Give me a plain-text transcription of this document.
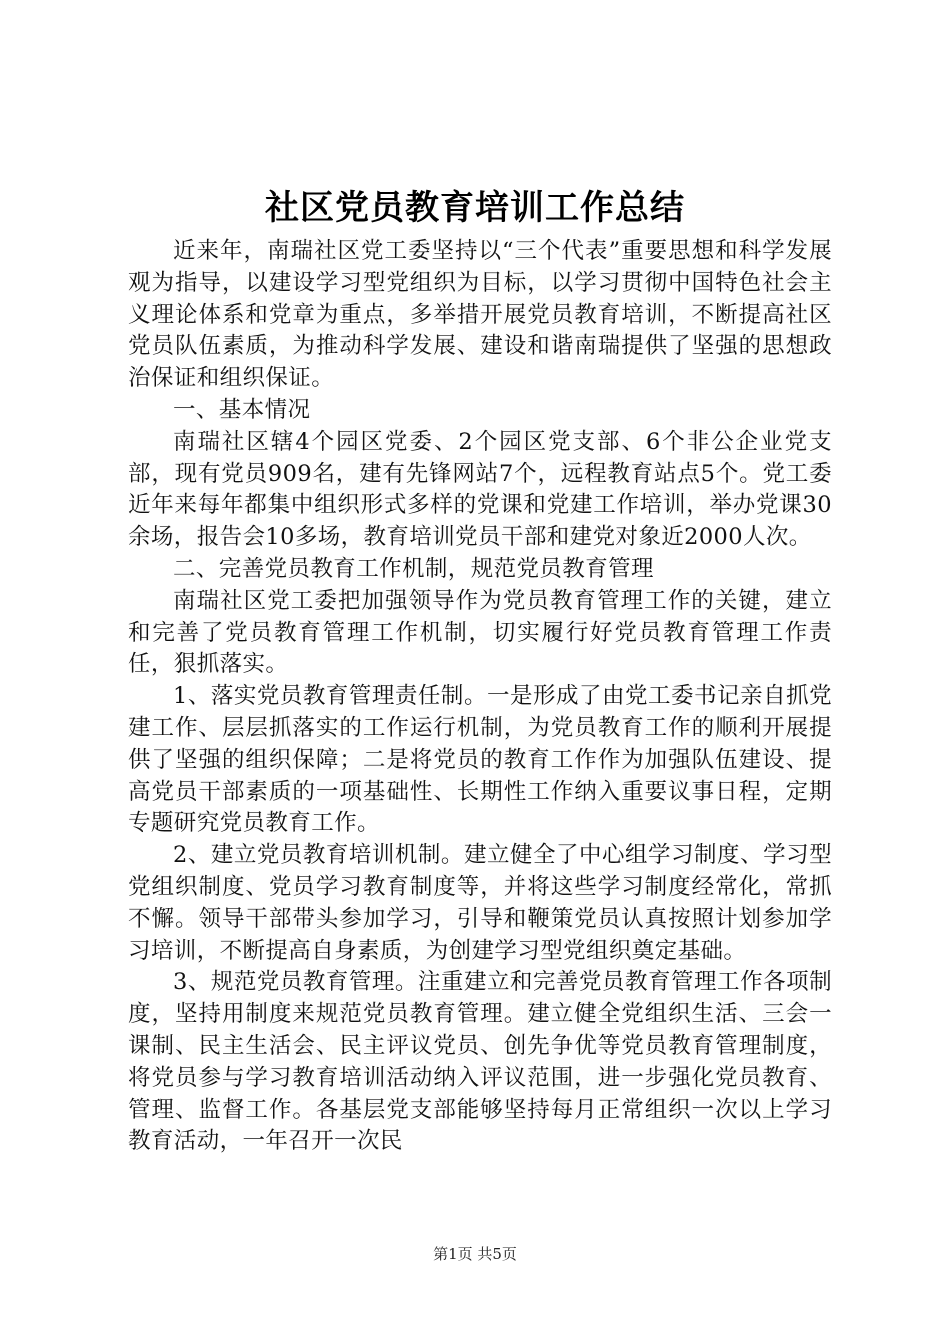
社区党员教育培训工作总结

近来年，南瑞社区党工委坚持以“三个代表”重要思想和科学发展观为指导，以建设学习型党组织为目标，以学习贯彻中国特色社会主义理论体系和党章为重点，多举措开展党员教育培训，不断提高社区党员队伍素质，为推动科学发展、建设和谐南瑞提供了坚强的思想政治保证和组织保证。

一、基本情况

南瑞社区辖4个园区党委、2个园区党支部、6个非公企业党支部，现有党员909名，建有先锋网站7个，远程教育站点5个。党工委近年来每年都集中组织形式多样的党课和党建工作培训，举办党课30余场，报告会10多场，教育培训党员干部和建党对象近2000人次。

二、完善党员教育工作机制，规范党员教育管理

南瑞社区党工委把加强领导作为党员教育管理工作的关键，建立和完善了党员教育管理工作机制，切实履行好党员教育管理工作责任，狠抓落实。

1、落实党员教育管理责任制。一是形成了由党工委书记亲自抓党建工作、层层抓落实的工作运行机制，为党员教育工作的顺利开展提供了坚强的组织保障；二是将党员的教育工作作为加强队伍建设、提高党员干部素质的一项基础性、长期性工作纳入重要议事日程，定期专题研究党员教育工作。

2、建立党员教育培训机制。建立健全了中心组学习制度、学习型党组织制度、党员学习教育制度等，并将这些学习制度经常化，常抓不懈。领导干部带头参加学习，引导和鞭策党员认真按照计划参加学习培训，不断提高自身素质，为创建学习型党组织奠定基础。

3、规范党员教育管理。注重建立和完善党员教育管理工作各项制度，坚持用制度来规范党员教育管理。建立健全党组织生活、三会一课制、民主生活会、民主评议党员、创先争优等党员教育管理制度，将党员参与学习教育培训活动纳入评议范围，进一步强化党员教育、管理、监督工作。各基层党支部能够坚持每月正常组织一次以上学习教育活动，一年召开一次民

第1页 共5页
